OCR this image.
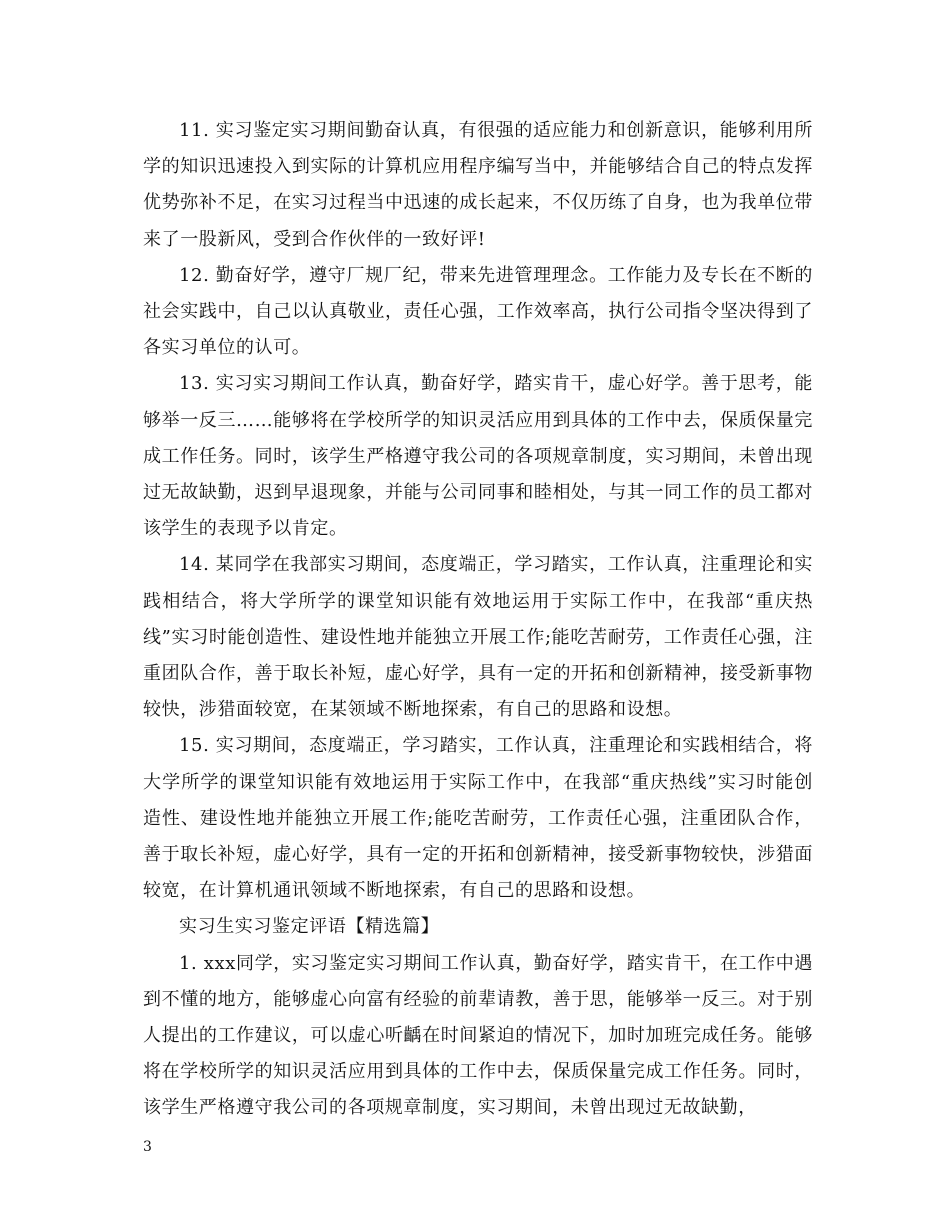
11. 实习鉴定实习期间勤奋认真，有很强的适应能力和创新意识，能够利用所学的知识迅速投入到实际的计算机应用程序编写当中，并能够结合自己的特点发挥优势弥补不足，在实习过程当中迅速的成长起来，不仅历练了自身，也为我单位带来了一股新风，受到合作伙伴的一致好评!

12. 勤奋好学，遵守厂规厂纪，带来先进管理理念。工作能力及专长在不断的社会实践中，自己以认真敬业，责任心强，工作效率高，执行公司指令坚决得到了各实习单位的认可。

13. 实习实习期间工作认真，勤奋好学，踏实肯干，虚心好学。善于思考，能够举一反三……能够将在学校所学的知识灵活应用到具体的工作中去，保质保量完成工作任务。同时，该学生严格遵守我公司的各项规章制度，实习期间，未曾出现过无故缺勤，迟到早退现象，并能与公司同事和睦相处，与其一同工作的员工都对该学生的表现予以肯定。

14. 某同学在我部实习期间，态度端正，学习踏实，工作认真，注重理论和实践相结合，将大学所学的课堂知识能有效地运用于实际工作中，在我部“重庆热线”实习时能创造性、建设性地并能独立开展工作;能吃苦耐劳，工作责任心强，注重团队合作，善于取长补短，虚心好学，具有一定的开拓和创新精神，接受新事物较快，涉猎面较宽，在某领域不断地探索，有自己的思路和设想。

15. 实习期间，态度端正，学习踏实，工作认真，注重理论和实践相结合，将大学所学的课堂知识能有效地运用于实际工作中，在我部“重庆热线”实习时能创造性、建设性地并能独立开展工作;能吃苦耐劳，工作责任心强，注重团队合作，善于取长补短，虚心好学，具有一定的开拓和创新精神，接受新事物较快，涉猎面较宽，在计算机通讯领域不断地探索，有自己的思路和设想。

实习生实习鉴定评语【精选篇】

1. xxx同学，实习鉴定实习期间工作认真，勤奋好学，踏实肯干，在工作中遇到不懂的地方，能够虚心向富有经验的前辈请教，善于思，能够举一反三。对于别人提出的工作建议，可以虚心听齲在时间紧迫的情况下，加时加班完成任务。能够将在学校所学的知识灵活应用到具体的工作中去，保质保量完成工作任务。同时，该学生严格遵守我公司的各项规章制度，实习期间，未曾出现过无故缺勤，

3
